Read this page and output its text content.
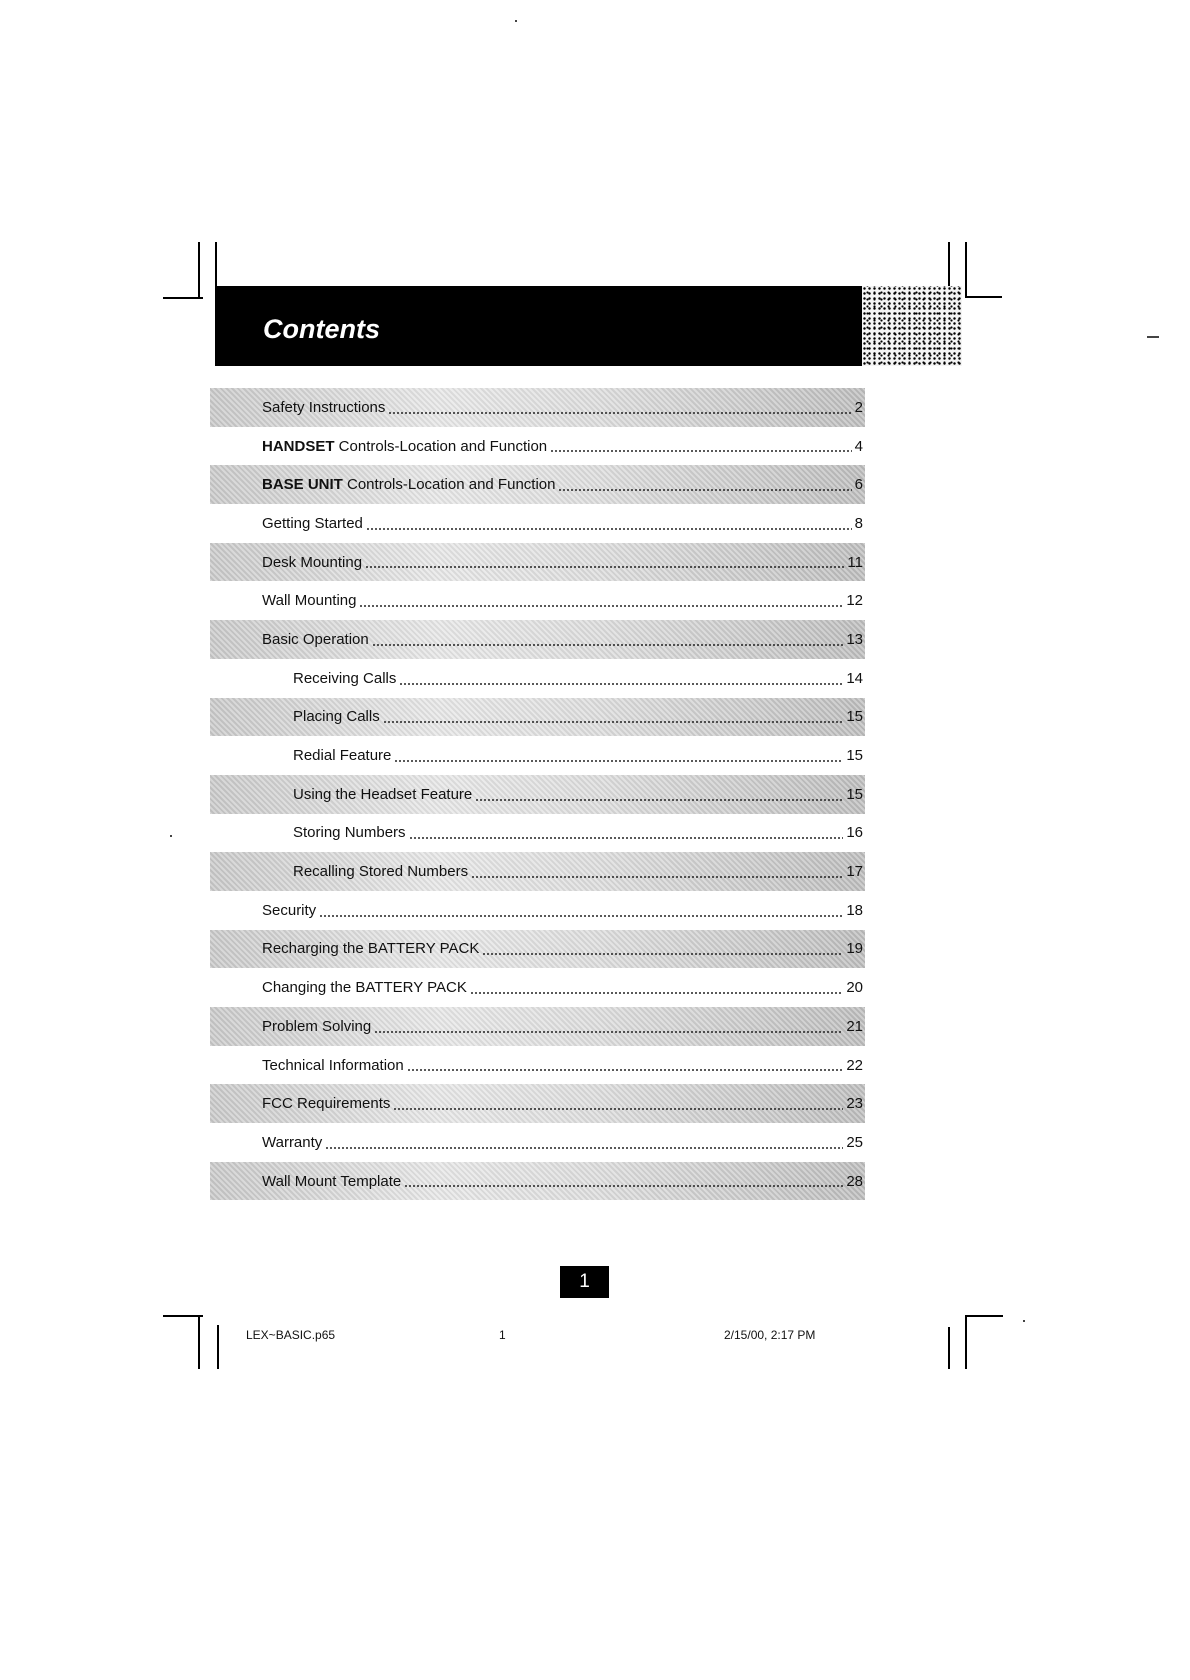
Contents
Safety Instructions	2
HANDSET Controls-Location and Function	4
BASE UNIT Controls-Location and Function	6
Getting Started	8
Desk Mounting	11
Wall Mounting	12
Basic Operation	13
Receiving Calls	14
Placing Calls	15
Redial Feature	15
Using the Headset Feature	15
Storing Numbers	16
Recalling Stored Numbers	17
Security	18
Recharging the BATTERY PACK	19
Changing the BATTERY PACK	20
Problem Solving	21
Technical Information	22
FCC Requirements	23
Warranty	25
Wall Mount Template	28
1
LEX~BASIC.p65	1	2/15/00, 2:17 PM
